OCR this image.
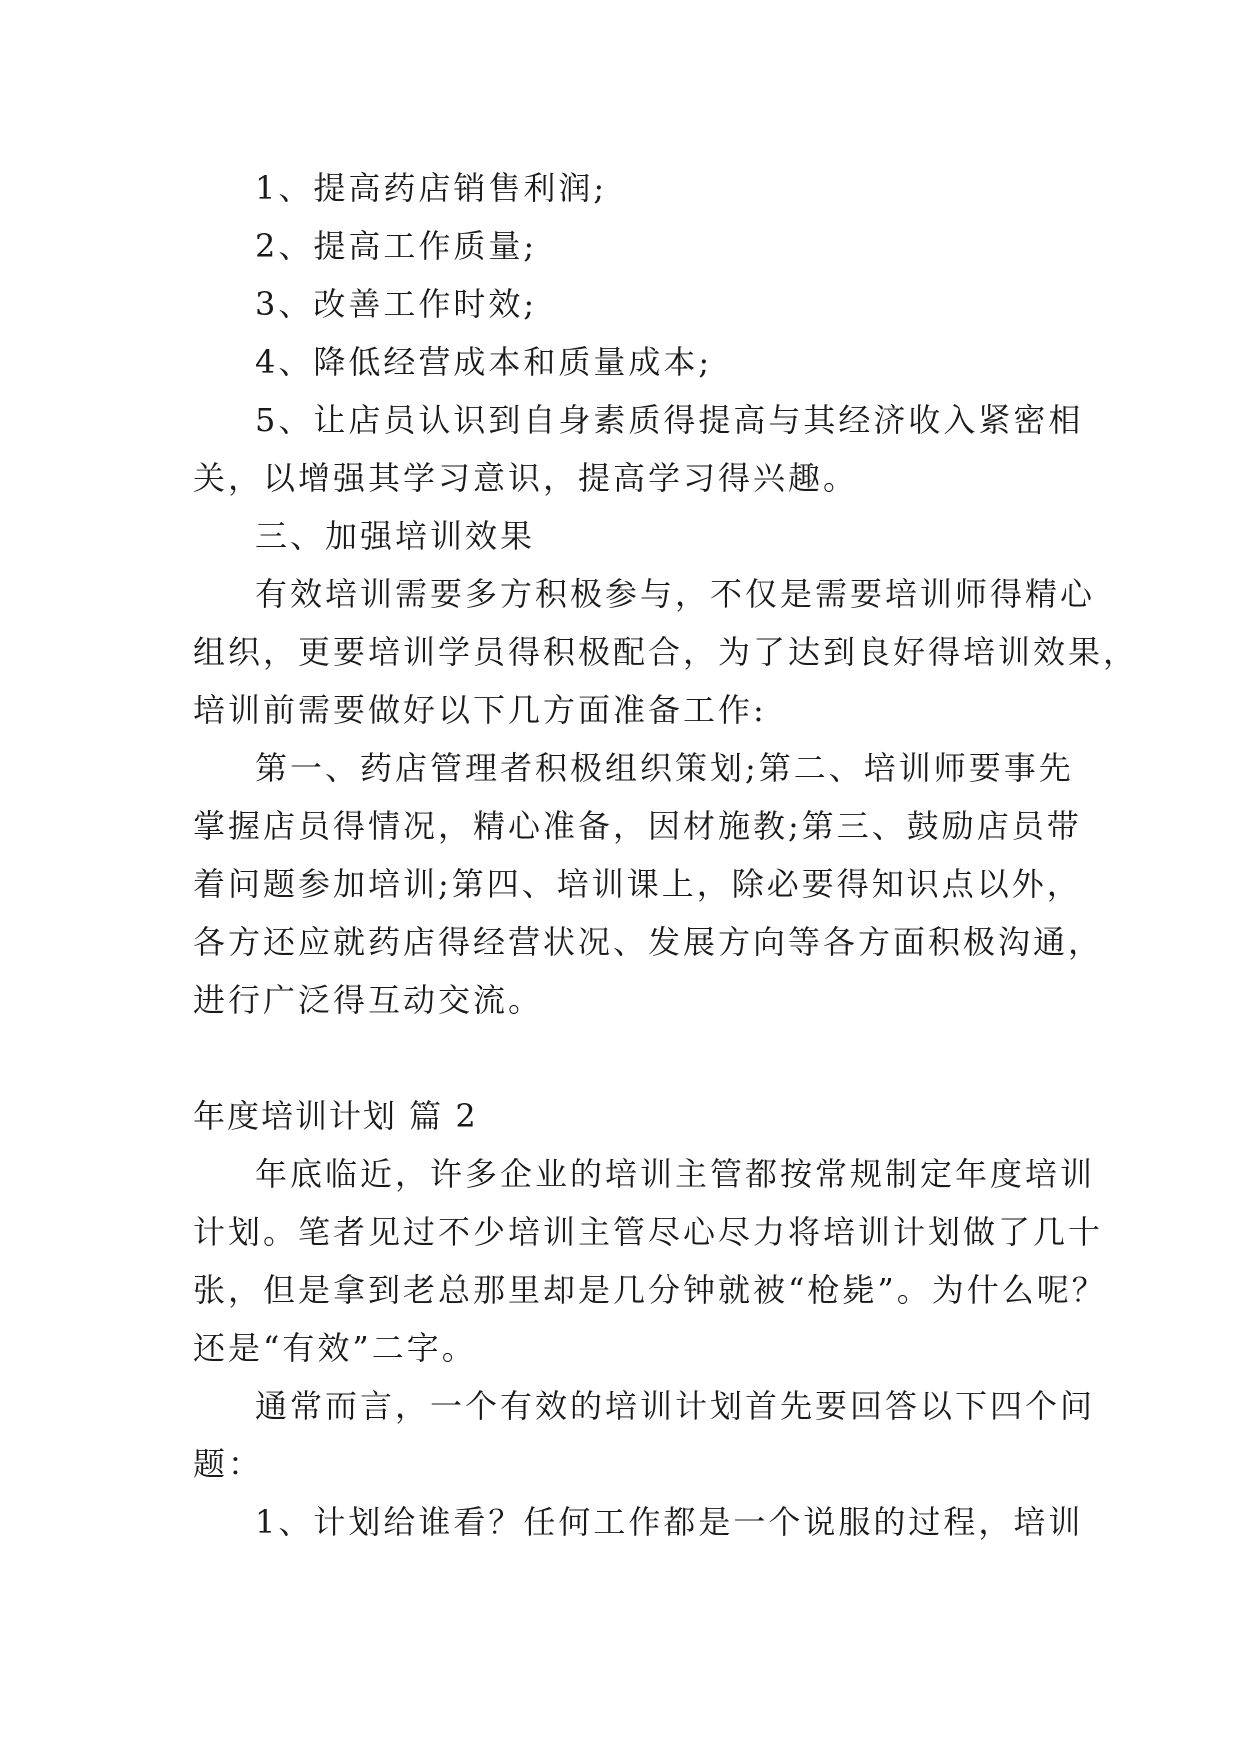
1、提高药店销售利润;
2、提高工作质量;
3、改善工作时效;
4、降低经营成本和质量成本;
5、让店员认识到自身素质得提高与其经济收入紧密相
关，以增强其学习意识，提高学习得兴趣。
三、加强培训效果
有效培训需要多方积极参与，不仅是需要培训师得精心
组织，更要培训学员得积极配合，为了达到良好得培训效果，
培训前需要做好以下几方面准备工作:
第一、药店管理者积极组织策划;第二、培训师要事先
掌握店员得情况，精心准备，因材施教;第三、鼓励店员带
着问题参加培训;第四、培训课上，除必要得知识点以外，
各方还应就药店得经营状况、发展方向等各方面积极沟通，
进行广泛得互动交流。
年度培训计划 篇 2
年底临近，许多企业的培训主管都按常规制定年度培训
计划。笔者见过不少培训主管尽心尽力将培训计划做了几十
张，但是拿到老总那里却是几分钟就被“枪毙”。为什么呢？
还是“有效”二字。
通常而言，一个有效的培训计划首先要回答以下四个问
题：
1、计划给谁看？任何工作都是一个说服的过程，培训
